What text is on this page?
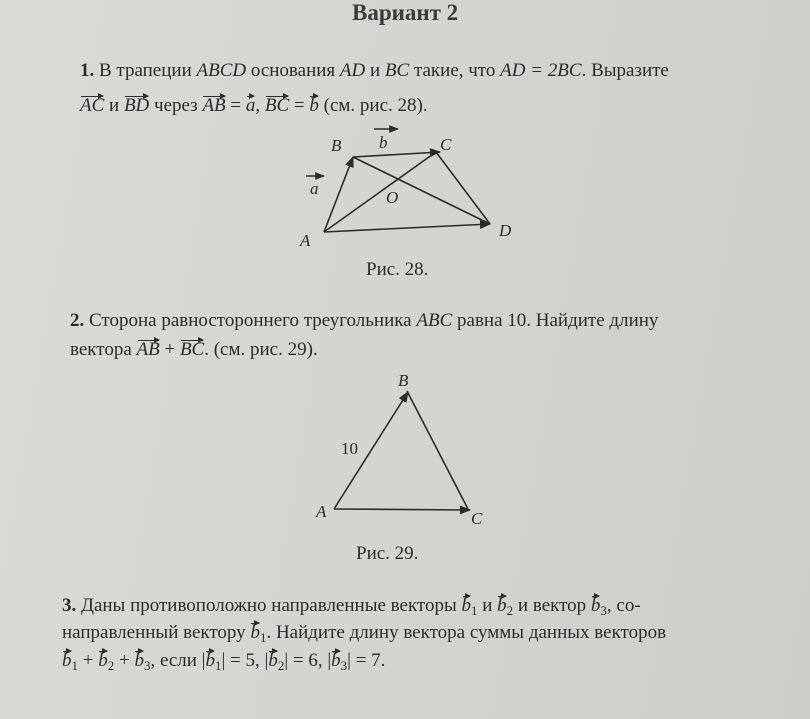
Вариант 2
1. В трапеции ABCD основания AD и BC такие, что AD = 2BC. Выразите
AC и BD через AB = a, BC = b (см. рис. 28).
B	C
A
D
O
a
b
Рис. 28.
2. Сторона равностороннего треугольника ABC равна 10. Найдите длину
вектора AB + BC. (см. рис. 29).
B
A	C
10
Рис. 29.
3. Даны противоположно направленные векторы $b_1$ и $b_2$ и вектор $b_3$, со-
направленный вектору $b_1$. Найдите длину вектора суммы данных векторов
$b_1 + b_2 + b_3$, если $|b_1| = 5$, $|b_2| = 6$, $|b_3| = 7$.
